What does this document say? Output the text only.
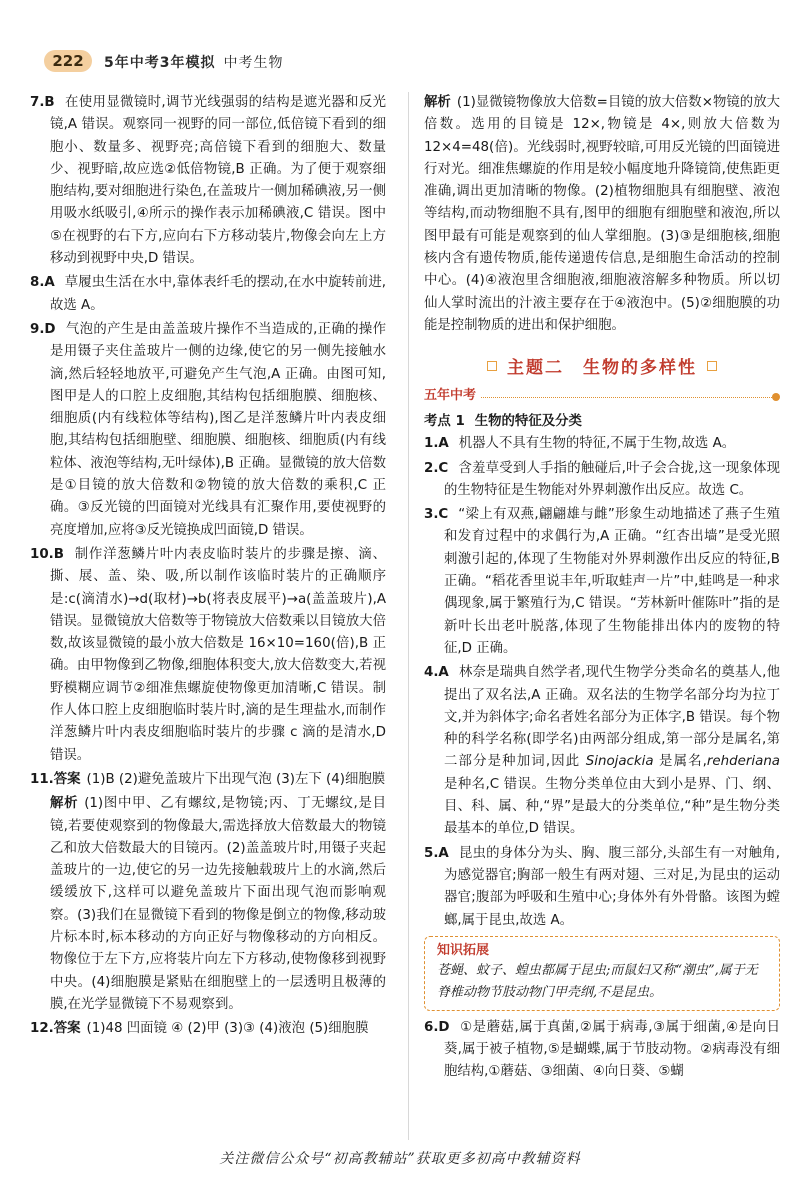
222	5年中考3年模拟 中考生物

7.B 在使用显微镜时,调节光线强弱的结构是遮光器和反光镜,A 错误。观察同一视野的同一部位,低倍镜下看到的细胞小、数量多、视野亮;高倍镜下看到的细胞大、数量少、视野暗,故应选②低倍物镜,B 正确。为了便于观察细胞结构,要对细胞进行染色,在盖玻片一侧加稀碘液,另一侧用吸水纸吸引,④所示的操作表示加稀碘液,C 错误。图中⑤在视野的右下方,应向右下方移动装片,物像会向左上方移动到视野中央,D 错误。

8.A 草履虫生活在水中,靠体表纤毛的摆动,在水中旋转前进,故选 A。

9.D 气泡的产生是由盖盖玻片操作不当造成的,正确的操作是用镊子夹住盖玻片一侧的边缘,使它的另一侧先接触水滴,然后轻轻地放平,可避免产生气泡,A 正确。由图可知,图甲是人的口腔上皮细胞,其结构包括细胞膜、细胞核、细胞质(内有线粒体等结构),图乙是洋葱鳞片叶内表皮细胞,其结构包括细胞壁、细胞膜、细胞核、细胞质(内有线粒体、液泡等结构,无叶绿体),B 正确。显微镜的放大倍数是①目镜的放大倍数和②物镜的放大倍数的乘积,C 正确。③反光镜的凹面镜对光线具有汇聚作用,要使视野的亮度增加,应将③反光镜换成凹面镜,D 错误。

10.B 制作洋葱鳞片叶内表皮临时装片的步骤是擦、滴、撕、展、盖、染、吸,所以制作该临时装片的正确顺序是:c(滴清水)→d(取材)→b(将表皮展平)→a(盖盖玻片),A 错误。显微镜放大倍数等于物镜放大倍数乘以目镜放大倍数,故该显微镜的最小放大倍数是 16×10=160(倍),B 正确。由甲物像到乙物像,细胞体积变大,放大倍数变大,若视野模糊应调节②细准焦螺旋使物像更加清晰,C 错误。制作人体口腔上皮细胞临时装片时,滴的是生理盐水,而制作洋葱鳞片叶内表皮细胞临时装片的步骤 c 滴的是清水,D 错误。

11.答案 (1)B (2)避免盖玻片下出现气泡 (3)左下 (4)细胞膜

解析 (1)图中甲、乙有螺纹,是物镜;丙、丁无螺纹,是目镜,若要使观察到的物像最大,需选择放大倍数最大的物镜乙和放大倍数最大的目镜丙。(2)盖盖玻片时,用镊子夹起盖玻片的一边,使它的另一边先接触载玻片上的水滴,然后缓缓放下,这样可以避免盖玻片下面出现气泡而影响观察。(3)我们在显微镜下看到的物像是倒立的物像,移动玻片标本时,标本移动的方向正好与物像移动的方向相反。物像位于左下方,应将装片向左下方移动,使物像移到视野中央。(4)细胞膜是紧贴在细胞壁上的一层透明且极薄的膜,在光学显微镜下不易观察到。

12.答案 (1)48 凹面镜 ④ (2)甲 (3)③ (4)液泡 (5)细胞膜

解析 (1)显微镜物像放大倍数=目镜的放大倍数×物镜的放大倍数。选用的目镜是 12×,物镜是 4×,则放大倍数为 12×4=48(倍)。光线弱时,视野较暗,可用反光镜的凹面镜进行对光。细准焦螺旋的作用是较小幅度地升降镜筒,使焦距更准确,调出更加清晰的物像。(2)植物细胞具有细胞壁、液泡等结构,而动物细胞不具有,图甲的细胞有细胞壁和液泡,所以图甲最有可能是观察到的仙人掌细胞。(3)③是细胞核,细胞核内含有遗传物质,能传递遗传信息,是细胞生命活动的控制中心。(4)④液泡里含细胞液,细胞液溶解多种物质。所以切仙人掌时流出的汁液主要存在于④液泡中。(5)②细胞膜的功能是控制物质的进出和保护细胞。

主题二　生物的多样性
五年中考
考点 1 生物的特征及分类

1.A 机器人不具有生物的特征,不属于生物,故选 A。

2.C 含羞草受到人手指的触碰后,叶子会合拢,这一现象体现的生物特征是生物能对外界刺激作出反应。故选 C。

3.C “梁上有双燕,翩翩雄与雌”形象生动地描述了燕子生殖和发育过程中的求偶行为,A 正确。“红杏出墙”是受光照刺激引起的,体现了生物能对外界刺激作出反应的特征,B 正确。“稻花香里说丰年,听取蛙声一片”中,蛙鸣是一种求偶现象,属于繁殖行为,C 错误。“芳林新叶催陈叶”指的是新叶长出老叶脱落,体现了生物能排出体内的废物的特征,D 正确。

4.A 林奈是瑞典自然学者,现代生物学分类命名的奠基人,他提出了双名法,A 正确。双名法的生物学名部分均为拉丁文,并为斜体字;命名者姓名部分为正体字,B 错误。每个物种的科学名称(即学名)由两部分组成,第一部分是属名,第二部分是种加词,因此 Sinojackia 是属名,rehderiana 是种名,C 错误。生物分类单位由大到小是界、门、纲、目、科、属、种,“界”是最大的分类单位,“种”是生物分类最基本的单位,D 错误。

5.A 昆虫的身体分为头、胸、腹三部分,头部生有一对触角,为感觉器官;胸部一般生有两对翅、三对足,为昆虫的运动器官;腹部为呼吸和生殖中心;身体外有外骨骼。该图为螳螂,属于昆虫,故选 A。

知识拓展
苍蝇、蚊子、蝗虫都属于昆虫;而鼠妇又称“潮虫”,属于无脊椎动物节肢动物门甲壳纲,不是昆虫。

6.D ①是蘑菇,属于真菌,②属于病毒,③属于细菌,④是向日葵,属于被子植物,⑤是蝴蝶,属于节肢动物。②病毒没有细胞结构,①蘑菇、③细菌、④向日葵、⑤蝴

关注微信公众号“初高教辅站”获取更多初高中教辅资料
